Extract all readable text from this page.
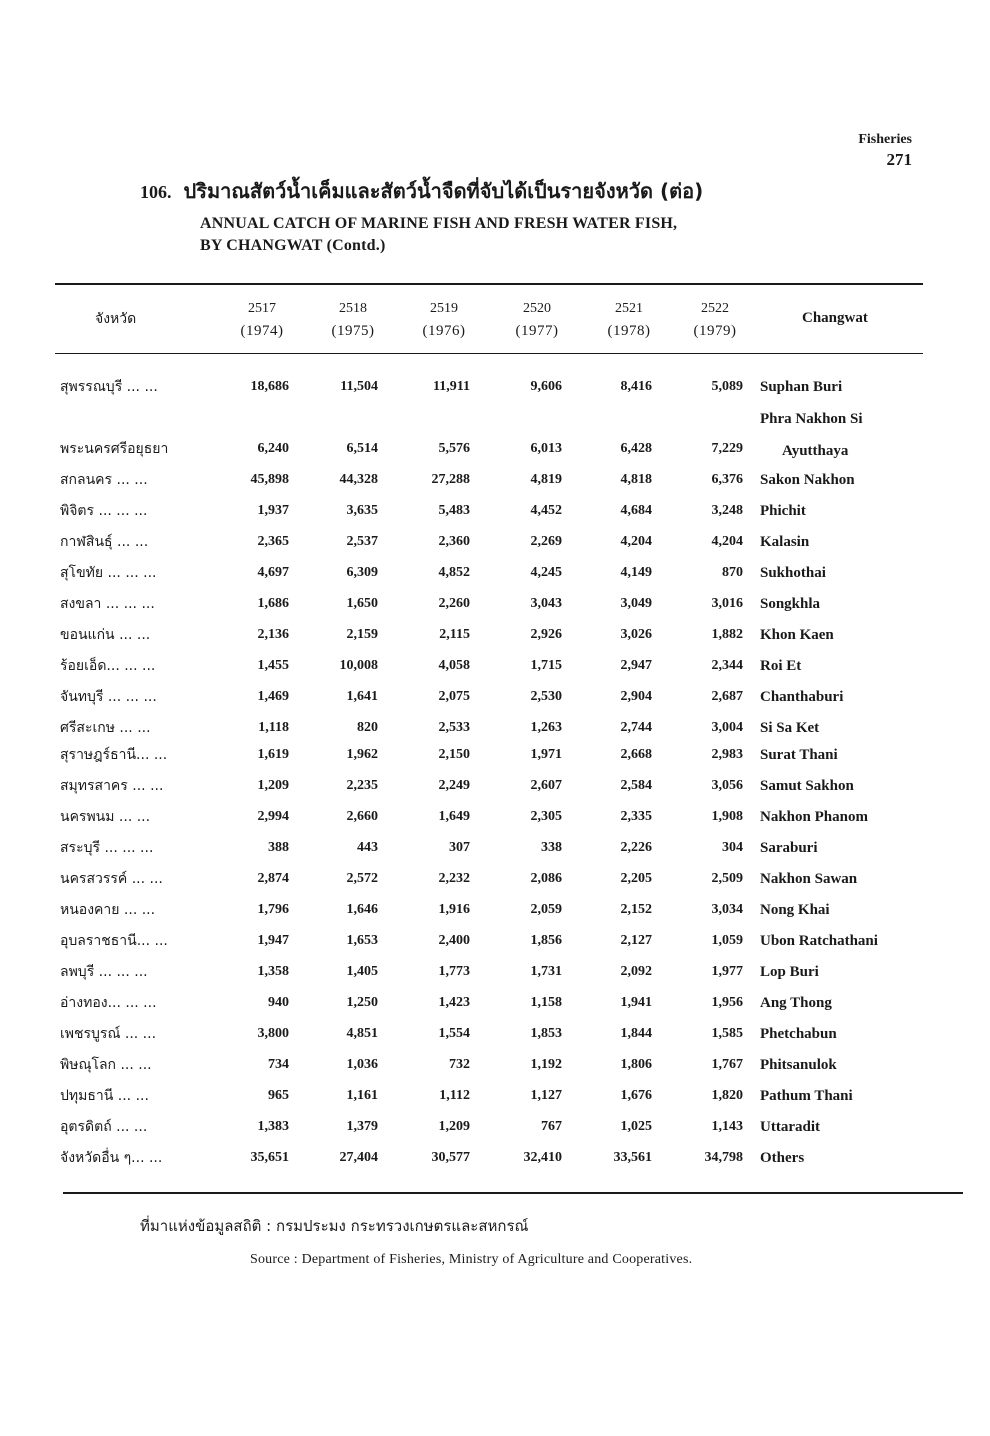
Fisheries
271
106. ปริมาณสัตว์น้ำเค็มและสัตว์น้ำจืดที่จับได้เป็นรายจังหวัด (ต่อ)
ANNUAL CATCH OF MARINE FISH AND FRESH WATER FISH,
BY CHANGWAT (Contd.)
จังหวัด
2517
(1974)
2518
(1975)
2519
(1976)
2520
(1977)
2521
(1978)
2522
(1979)
Changwat
สุพรรณบุรี ... ...	18,686	11,504	11,911	9,606	8,416	5,089 Suphan Buri
Phra Nakhon Si
พระนครศรีอยุธยา	6,240	6,514	5,576	6,013	6,428	7,229	Ayutthaya
สกลนคร ... ...	45,898	44,328	27,288	4,819	4,818	6,376 Sakon Nakhon
พิจิตร ... ... ...	1,937	3,635	5,483	4,452	4,684	3,248 Phichit
กาฬสินธุ์ ... ...	2,365	2,537	2,360	2,269	4,204	4,204 Kalasin
สุโขทัย ... ... ...	4,697	6,309	4,852	4,245	4,149	870 Sukhothai
สงขลา ... ... ...	1,686	1,650	2,260	3,043	3,049	3,016 Songkhla
ขอนแก่น ... ...	2,136	2,159	2,115	2,926	3,026	1,882 Khon Kaen
ร้อยเอ็ด... ... ...	1,455	10,008	4,058	1,715	2,947	2,344 Roi Et
จันทบุรี ... ... ...	1,469	1,641	2,075	2,530	2,904	2,687 Chanthaburi
ศรีสะเกษ ... ...	1,118	820	2,533	1,263	2,744	3,004 Si Sa Ket
สุราษฎร์ธานี... ...	1,619	1,962	2,150	1,971	2,668	2,983 Surat Thani
สมุทรสาคร ... ...	1,209	2,235	2,249	2,607	2,584	3,056 Samut Sakhon
นครพนม ... ...	2,994	2,660	1,649	2,305	2,335	1,908 Nakhon Phanom
สระบุรี ... ... ...	388	443	307	338	2,226	304 Saraburi
นครสวรรค์ ... ...	2,874	2,572	2,232	2,086	2,205	2,509 Nakhon Sawan
หนองคาย ... ...	1,796	1,646	1,916	2,059	2,152	3,034 Nong Khai
อุบลราชธานี... ...	1,947	1,653	2,400	1,856	2,127	1,059 Ubon Ratchathani
ลพบุรี ... ... ...	1,358	1,405	1,773	1,731	2,092	1,977 Lop Buri
อ่างทอง... ... ...	940	1,250	1,423	1,158	1,941	1,956 Ang Thong
เพชรบูรณ์ ... ...	3,800	4,851	1,554	1,853	1,844	1,585 Phetchabun
พิษณุโลก ... ...	734	1,036	732	1,192	1,806	1,767 Phitsanulok
ปทุมธานี ... ...	965	1,161	1,112	1,127	1,676	1,820 Pathum Thani
อุตรดิตถ์ ... ...	1,383	1,379	1,209	767	1,025	1,143 Uttaradit
จังหวัดอื่น ๆ... ...	35,651	27,404	30,577	32,410	33,561	34,798 Others
ที่มาแห่งข้อมูลสถิติ : กรมประมง กระทรวงเกษตรและสหกรณ์
Source : Department of Fisheries, Ministry of Agriculture and Cooperatives.
